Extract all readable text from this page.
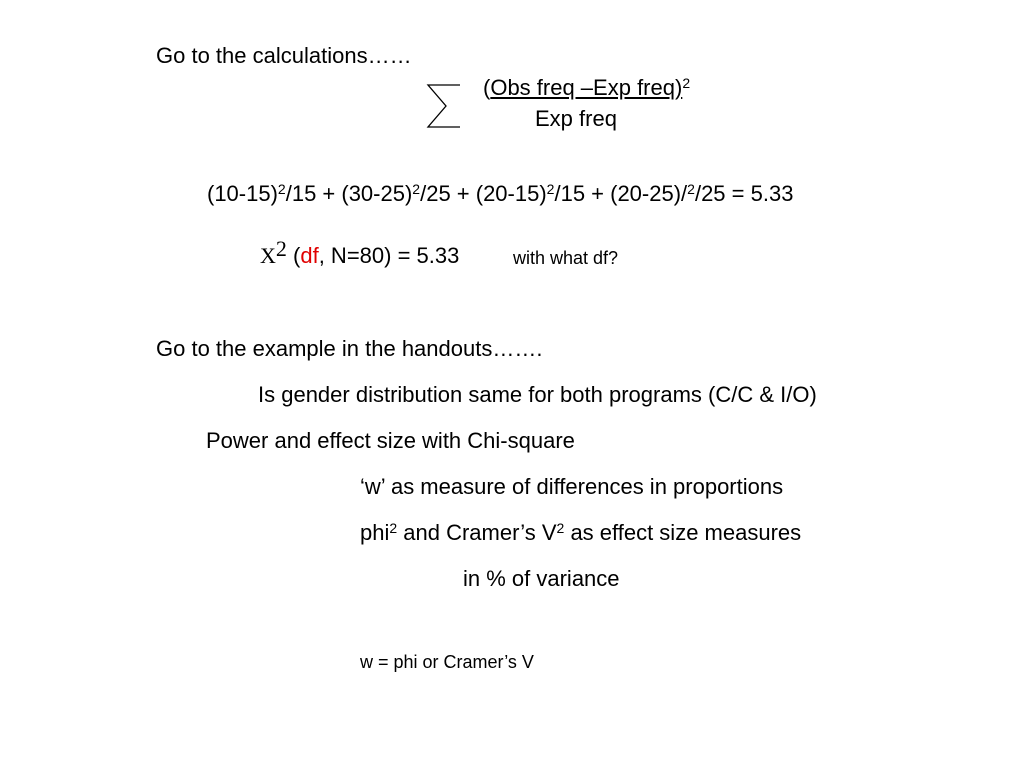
Go to the calculations……
(Obs freq –Exp freq)$^2$
Exp freq
$(10-15)^2/15 + (30-25)^2/25 + (20-15)^2/15 + (20-25)/^2/25 = 5.33$
$X^2$ (df, N=80) = 5.33	with what df?
Go to the example in the handouts…….
Is gender distribution same for both programs (C/C & I/O)
Power and effect size with Chi-square
‘w’ as measure of differences in proportions
phi$^2$ and Cramer’s $V^2$ as effect size measures
in % of variance
w = phi or Cramer’s V
